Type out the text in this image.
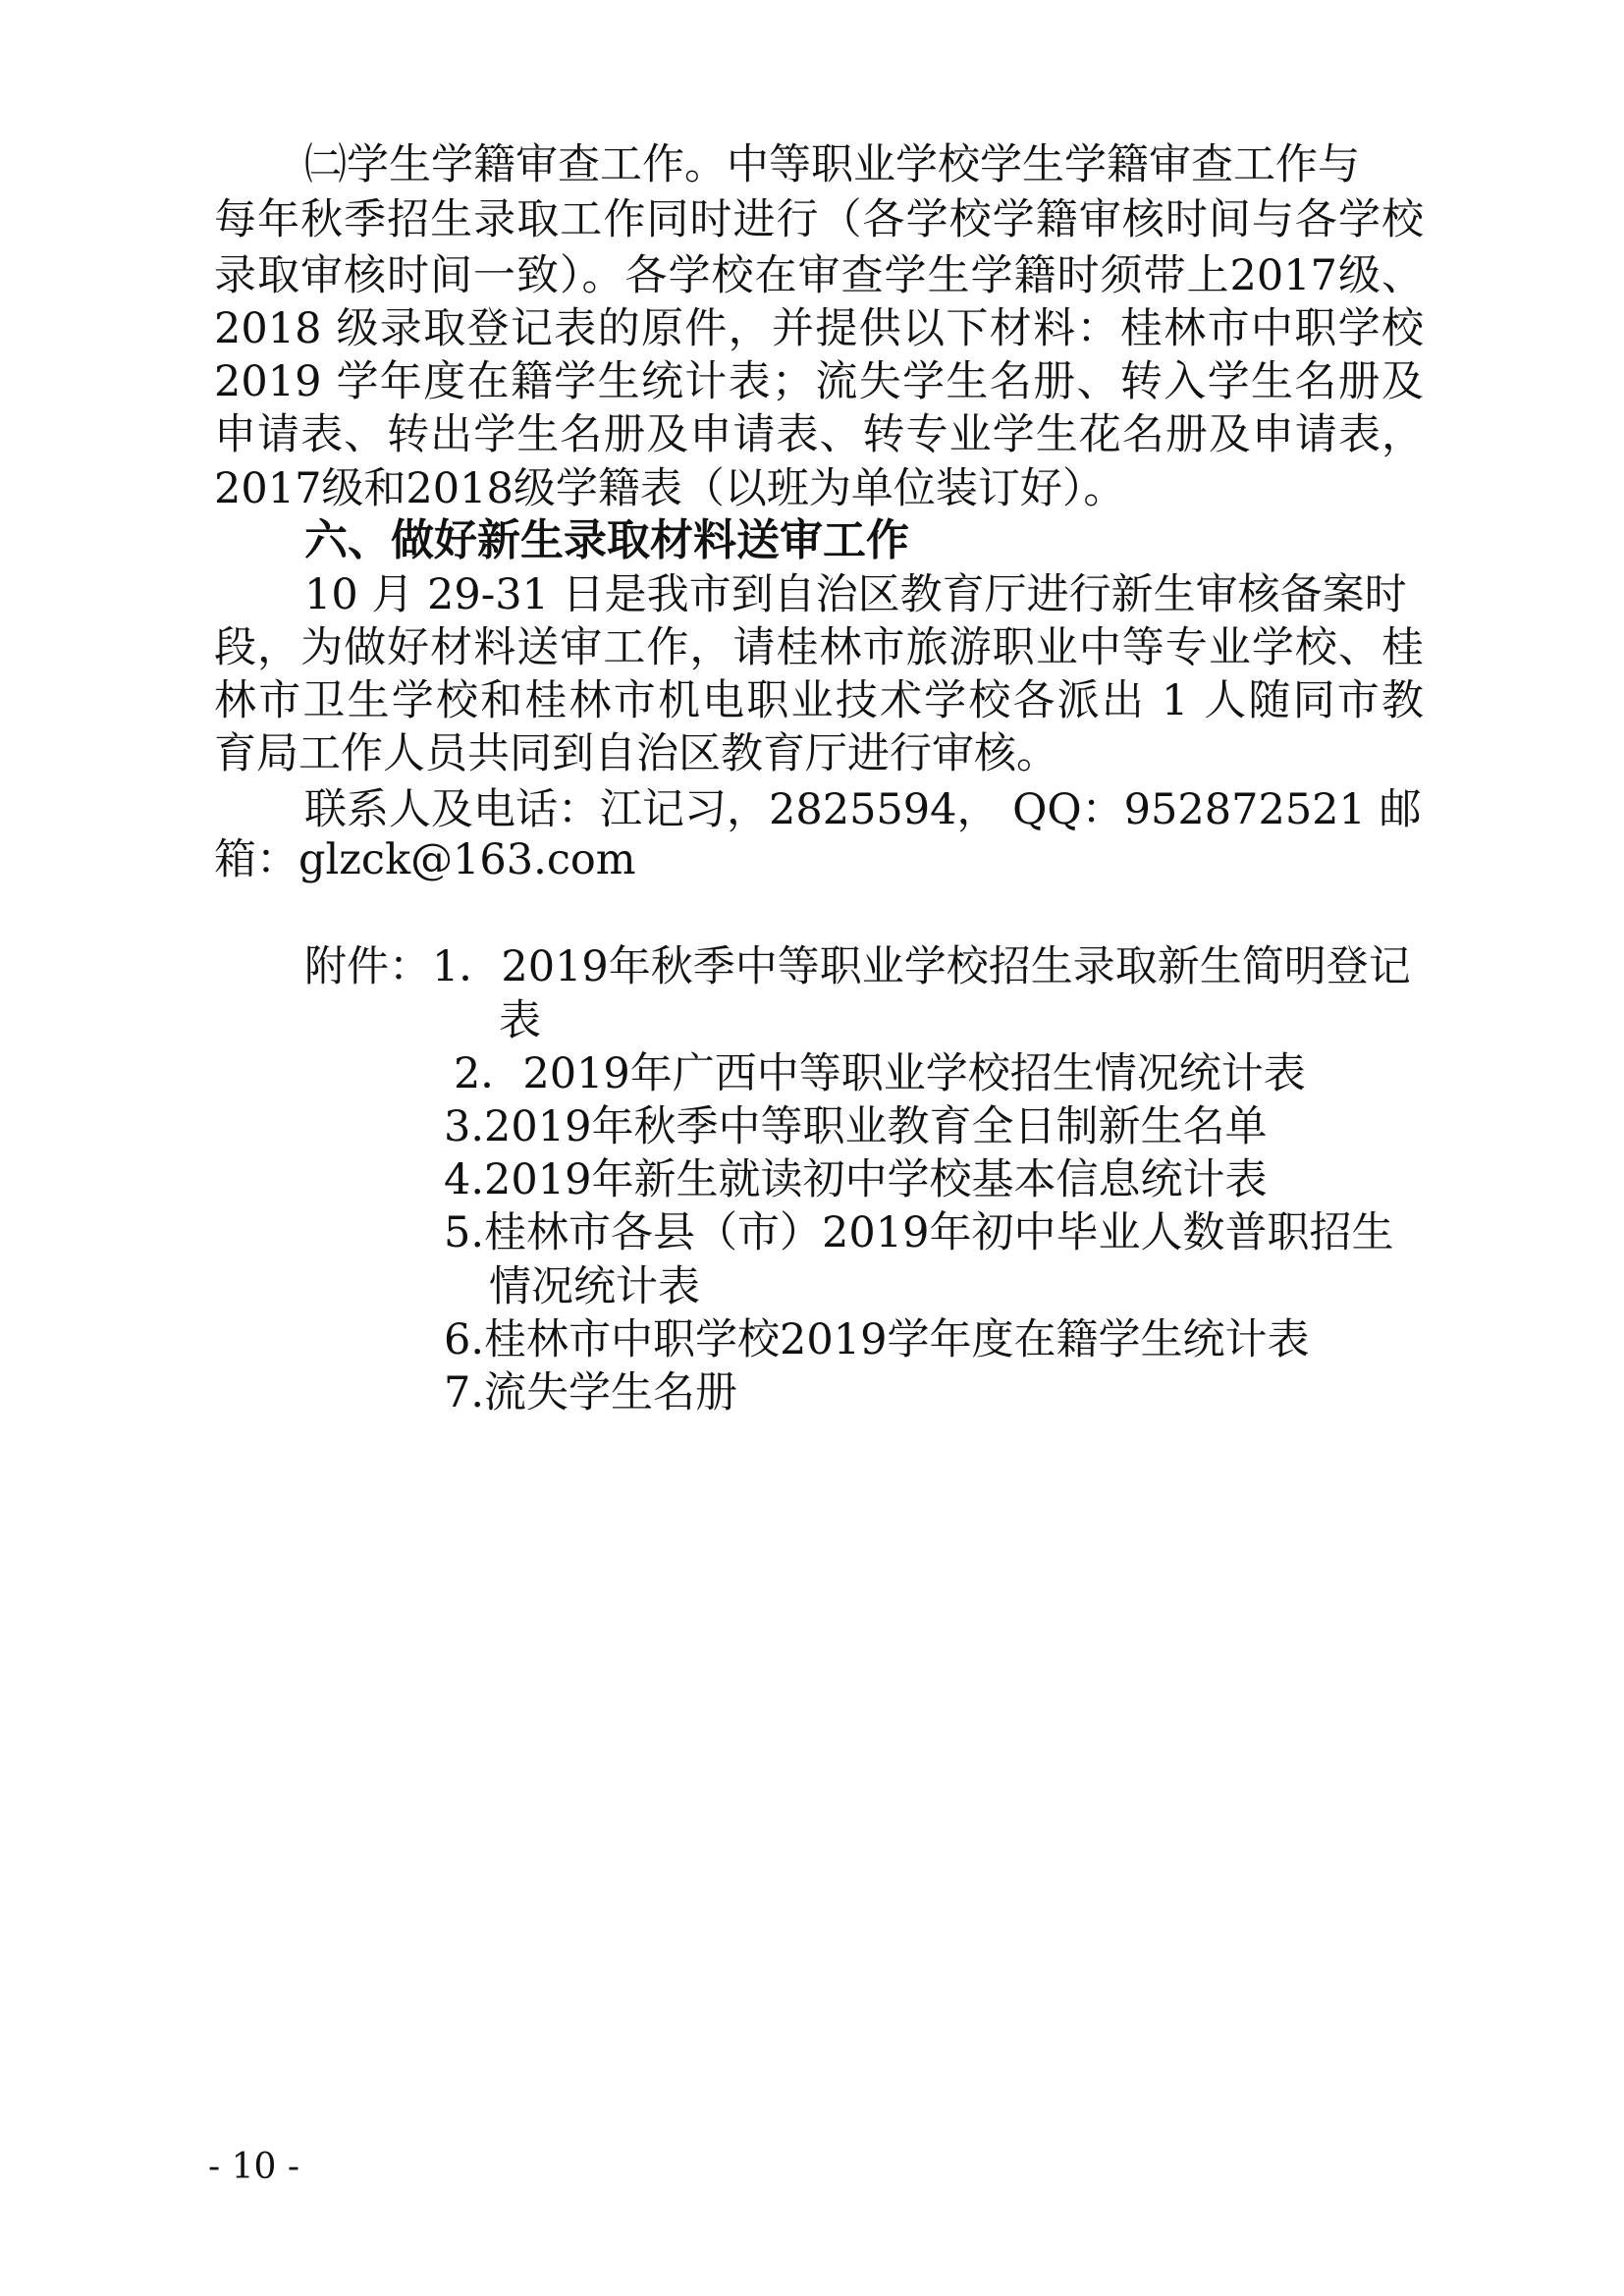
㈡学生学籍审查工作。中等职业学校学生学籍审查工作与
每年秋季招生录取工作同时进行（各学校学籍审核时间与各学校
录取审核时间一致）。各学校在审查学生学籍时须带上2017级、
2018 级录取登记表的原件，并提供以下材料：桂林市中职学校
2019 学年度在籍学生统计表；流失学生名册、转入学生名册及
申请表、转出学生名册及申请表、转专业学生花名册及申请表，
2017级和2018级学籍表（以班为单位装订好）。
六、做好新生录取材料送审工作
10 月 29-31 日是我市到自治区教育厅进行新生审核备案时
段，为做好材料送审工作，请桂林市旅游职业中等专业学校、桂
林市卫生学校和桂林市机电职业技术学校各派出 1 人随同市教
育局工作人员共同到自治区教育厅进行审核。
联系人及电话：江记习，2825594， QQ：952872521 邮
箱：glzck@163.com
附件： 1．2019年秋季中等职业学校招生录取新生简明登记
表
2．2019年广西中等职业学校招生情况统计表
3.2019年秋季中等职业教育全日制新生名单
4.2019年新生就读初中学校基本信息统计表
5.桂林市各县（市）2019年初中毕业人数普职招生
情况统计表
6.桂林市中职学校2019学年度在籍学生统计表
7.流失学生名册
- 10 -
